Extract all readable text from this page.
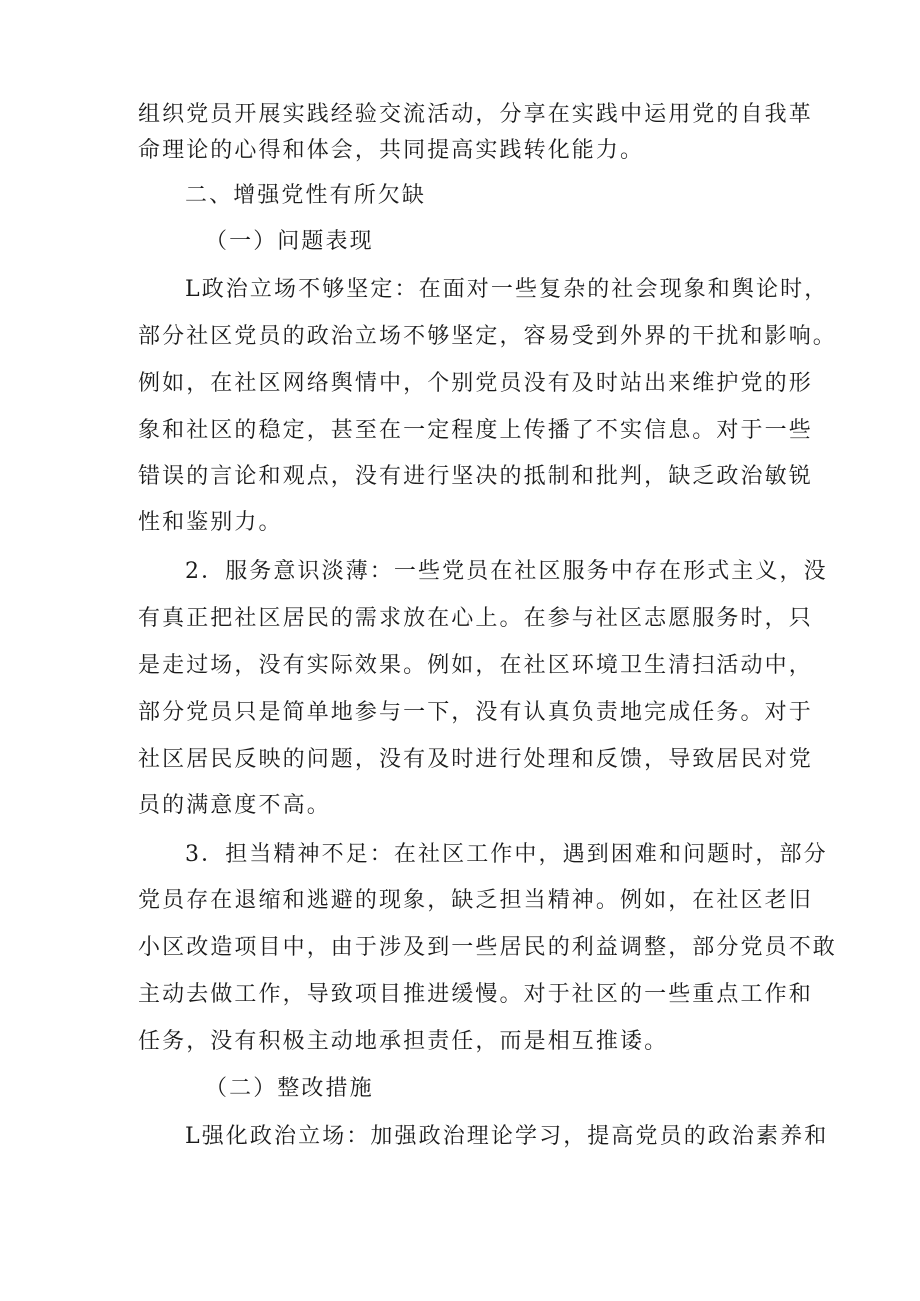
组织党员开展实践经验交流活动，分享在实践中运用党的自我革
命理论的心得和体会，共同提高实践转化能力。
二、增强党性有所欠缺
（一）问题表现
L政治立场不够坚定：在面对一些复杂的社会现象和舆论时，
部分社区党员的政治立场不够坚定，容易受到外界的干扰和影响。
例如，在社区网络舆情中，个别党员没有及时站出来维护党的形
象和社区的稳定，甚至在一定程度上传播了不实信息。对于一些
错误的言论和观点，没有进行坚决的抵制和批判，缺乏政治敏锐
性和鉴别力。
2．服务意识淡薄：一些党员在社区服务中存在形式主义，没
有真正把社区居民的需求放在心上。在参与社区志愿服务时，只
是走过场，没有实际效果。例如，在社区环境卫生清扫活动中，
部分党员只是简单地参与一下，没有认真负责地完成任务。对于
社区居民反映的问题，没有及时进行处理和反馈，导致居民对党
员的满意度不高。
3．担当精神不足：在社区工作中，遇到困难和问题时，部分
党员存在退缩和逃避的现象，缺乏担当精神。例如，在社区老旧
小区改造项目中，由于涉及到一些居民的利益调整，部分党员不敢
主动去做工作，导致项目推进缓慢。对于社区的一些重点工作和
任务，没有积极主动地承担责任，而是相互推诿。
（二）整改措施
L强化政治立场：加强政治理论学习，提高党员的政治素养和
